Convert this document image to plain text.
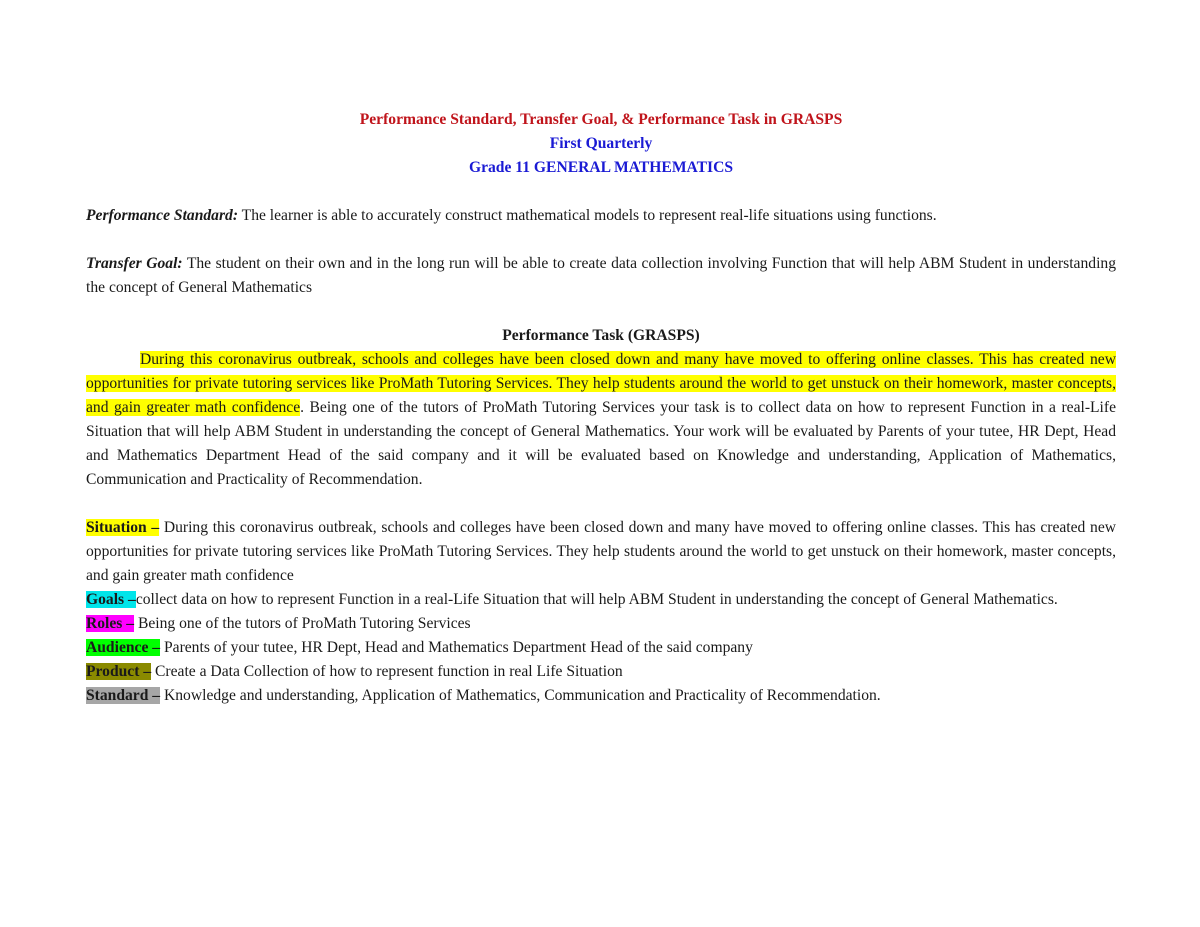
Performance Standard, Transfer Goal, & Performance Task in GRASPS
First Quarterly
Grade 11 GENERAL MATHEMATICS

Performance Standard: The learner is able to accurately construct mathematical models to represent real-life situations using functions.

Transfer Goal: The student on their own and in the long run will be able to create data collection involving Function that will help ABM Student in understanding the concept of General Mathematics

Performance Task (GRASPS)

During this coronavirus outbreak, schools and colleges have been closed down and many have moved to offering online classes. This has created new opportunities for private tutoring services like ProMath Tutoring Services. They help students around the world to get unstuck on their homework, master concepts, and gain greater math confidence. Being one of the tutors of ProMath Tutoring Services your task is to collect data on how to represent Function in a real-Life Situation that will help ABM Student in understanding the concept of General Mathematics. Your work will be evaluated by Parents of your tutee, HR Dept, Head and Mathematics Department Head of the said company and it will be evaluated based on Knowledge and understanding, Application of Mathematics, Communication and Practicality of Recommendation.

Situation – During this coronavirus outbreak, schools and colleges have been closed down and many have moved to offering online classes. This has created new opportunities for private tutoring services like ProMath Tutoring Services. They help students around the world to get unstuck on their homework, master concepts, and gain greater math confidence

Goals –collect data on how to represent Function in a real-Life Situation that will help ABM Student in understanding the concept of General Mathematics.

Roles – Being one of the tutors of ProMath Tutoring Services

Audience – Parents of your tutee, HR Dept, Head and Mathematics Department Head of the said company

Product – Create a Data Collection of how to represent function in real Life Situation

Standard – Knowledge and understanding, Application of Mathematics, Communication and Practicality of Recommendation.
